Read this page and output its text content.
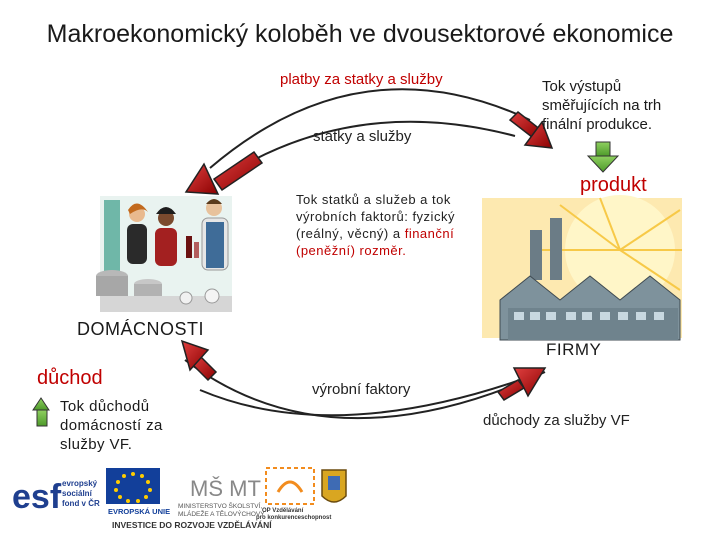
Makroekonomický koloběh ve dvousektorové ekonomice
platby za statky a služby
statky a služby
Tok výstupů směřujících na trh finální produkce.
produkt
Tok statků a služeb a tok výrobních faktorů: fyzický (reálný, věcný) a finanční (peněžní) rozměr.
DOMÁCNOSTI
FIRMY
důchod
Tok důchodů domácností za služby VF.
výrobní faktory
důchody za služby VF
esf evropský
sociální
fond v ČR
EVROPSKÁ UNIE
MŠ MT
MINISTERSTVO ŠKOLSTVÍ,
MLÁDEŽE A TĚLOVÝCHOVY
OP Vzdělávání
pro konkurenceschopnost
INVESTICE DO ROZVOJE VZDĚLÁVÁNÍ
